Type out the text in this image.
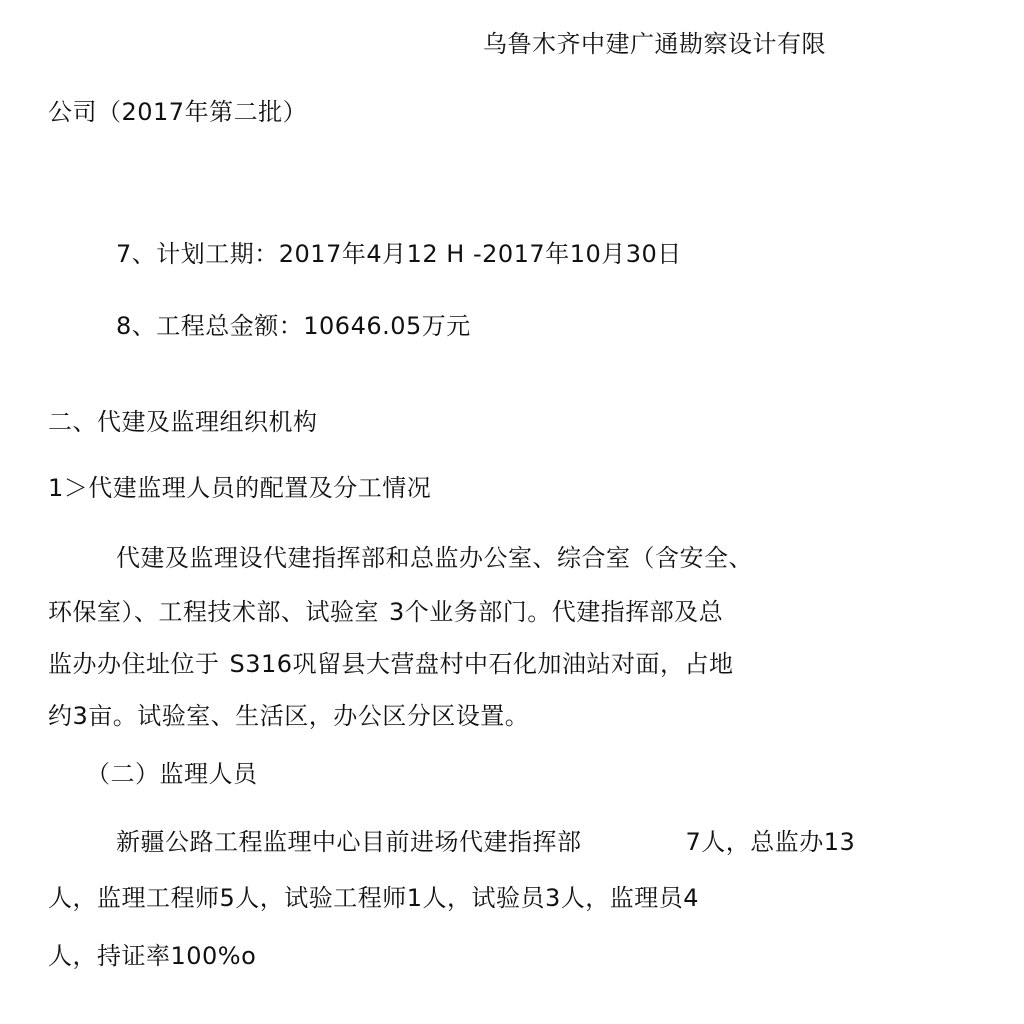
乌鲁木齐中建广通勘察设计有限
公司（2017年第二批）
7、计划工期：2017年4月12 H -2017年10月30日
8、工程总金额：10646.05万元
二、代建及监理组织机构
1＞代建监理人员的配置及分工情况
代建及监理设代建指挥部和总监办公室、综合室（含安全、
环保室）、工程技术部、试验室 3个业务部门。代建指挥部及总
监办办住址位于 S316巩留县大营盘村中石化加油站对面，占地
约3亩。试验室、生活区，办公区分区设置。
（二）监理人员
新疆公路工程监理中心目前进场代建指挥部	7人，总监办13
人，监理工程师5人，试验工程师1人，试验员3人，监理员4
人，持证率100%o
